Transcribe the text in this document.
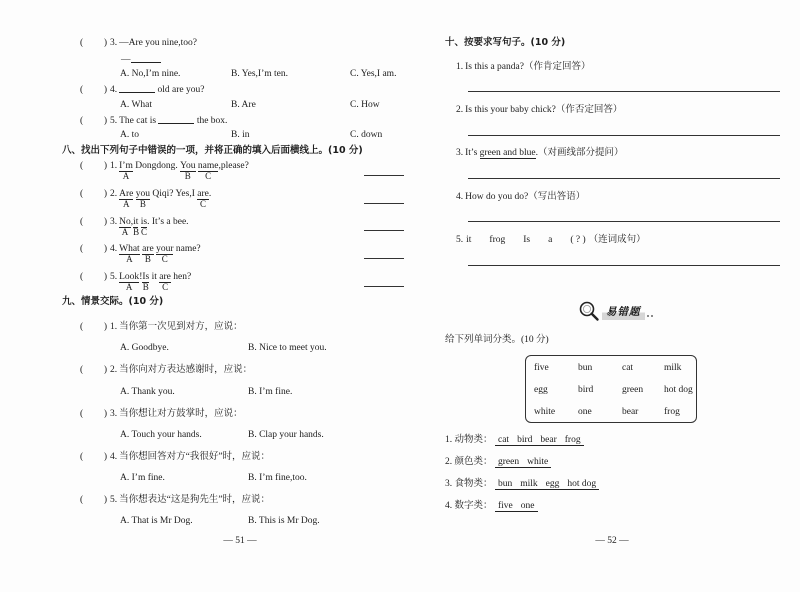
( ) 3. —Are you nine,too?
—
A. No,I’m nine.	B. Yes,I’m ten.	C. Yes,I am.
( ) 4.	old are you?
A. What	B. Are	C. How
( ) 5. The cat is	the box.
A. to	B. in	C. down
八、找出下列句子中错误的一项，并将正确的填入后面横线上。(10 分)
( ) 1. $\frac{I’m}{A}$ Dongdong. You
B
name
C
,please?
( ) 2. Are
A
you
B
Qiqi? Yes,I are
C
.
( ) 3. $\frac{No}{A} ,\frac{it}{B} \frac{is}{C}$ . It’s a bee.
( ) 4. What
A
are
B
your
C
name?
( ) 5. Look
A
$!\frac{Is}{B}$ it are
C
hen?
九、情景交际。(10 分)
( ) 1. 当你第一次见到对方，应说：
A. Goodbye.	B. Nice to meet you.
( ) 2. 当你向对方表达感谢时，应说：
A. Thank you.	B. I’m fine.
( ) 3. 当你想让对方鼓掌时，应说：
A. Touch your hands.	B. Clap your hands.
( ) 4. 当你想回答对方“我很好”时，应说：
A. I’m fine.	B. I’m fine,too.
( ) 5. 当你想表达“这是狗先生”时，应说：
A. That is Mr Dog.	B. This is Mr Dog.
— 51 —
十、按要求写句子。(10 分)
1. Is this a panda?（作肯定回答）
2. Is this your baby chick?（作否定回答）
3. It’s green and blue.（对画线部分提问）
4. How do you do?（写出答语）
5. it frog Is a ( ? ) （连词成句）
易错题
给下列单词分类。(10 分)
five	bun	cat	milk
egg	bird	green	hot dog
white	one	bear	frog
1. 动物类： cat bird bear frog
2. 颜色类： green white
3. 食物类： bun milk egg hot dog
4. 数字类： five one
— 52 —
